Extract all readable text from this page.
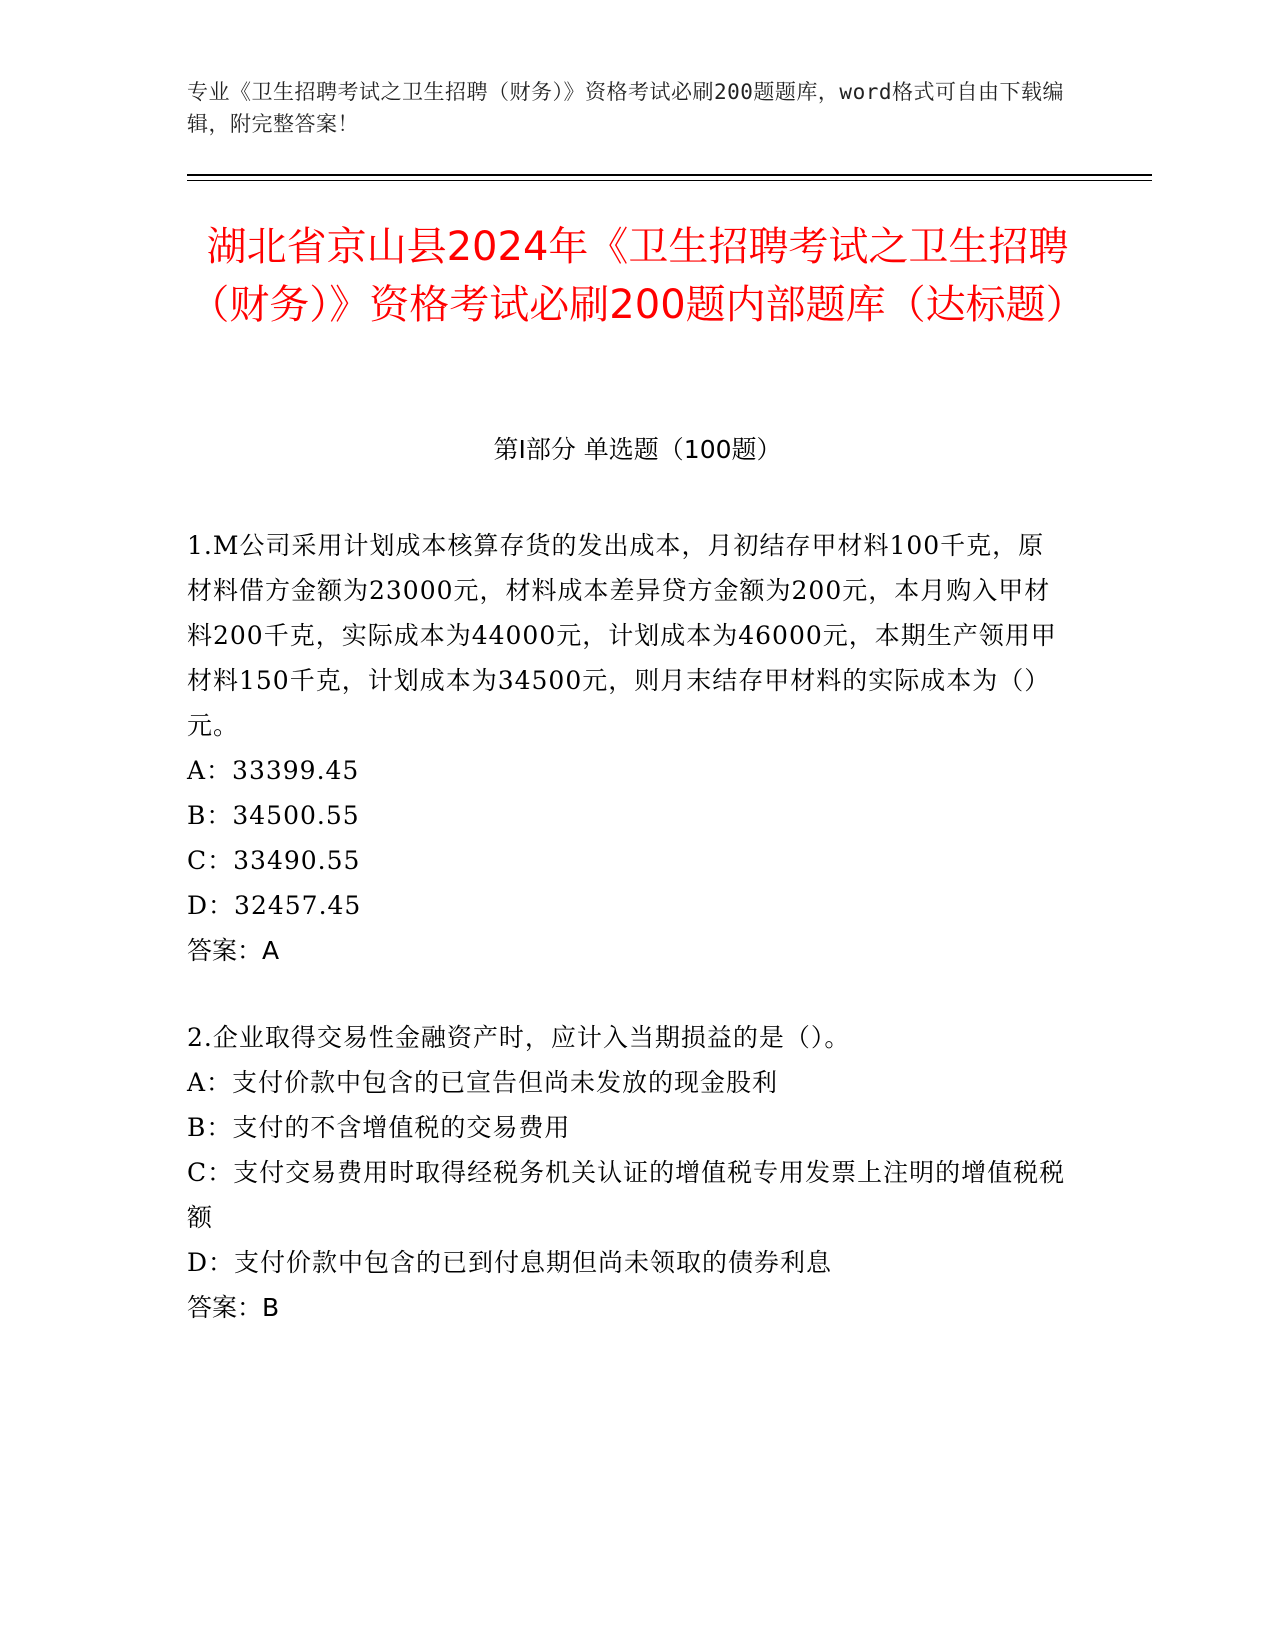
专业《卫生招聘考试之卫生招聘（财务）》资格考试必刷200题题库，word格式可自由下载编辑，附完整答案！
湖北省京山县2024年《卫生招聘考试之卫生招聘（财务）》资格考试必刷200题内部题库（达标题）
第I部分 单选题（100题）

1.M公司采用计划成本核算存货的发出成本，月初结存甲材料100千克，原材料借方金额为23000元，材料成本差异贷方金额为200元，本月购入甲材料200千克，实际成本为44000元，计划成本为46000元，本期生产领用甲材料150千克，计划成本为34500元，则月末结存甲材料的实际成本为（）元。

A：33399.45

B：34500.55

C：33490.55

D：32457.45

答案：A

2.企业取得交易性金融资产时，应计入当期损益的是（）。

A：支付价款中包含的已宣告但尚未发放的现金股利

B：支付的不含增值税的交易费用

C：支付交易费用时取得经税务机关认证的增值税专用发票上注明的增值税税额

D：支付价款中包含的已到付息期但尚未领取的债券利息

答案：B
